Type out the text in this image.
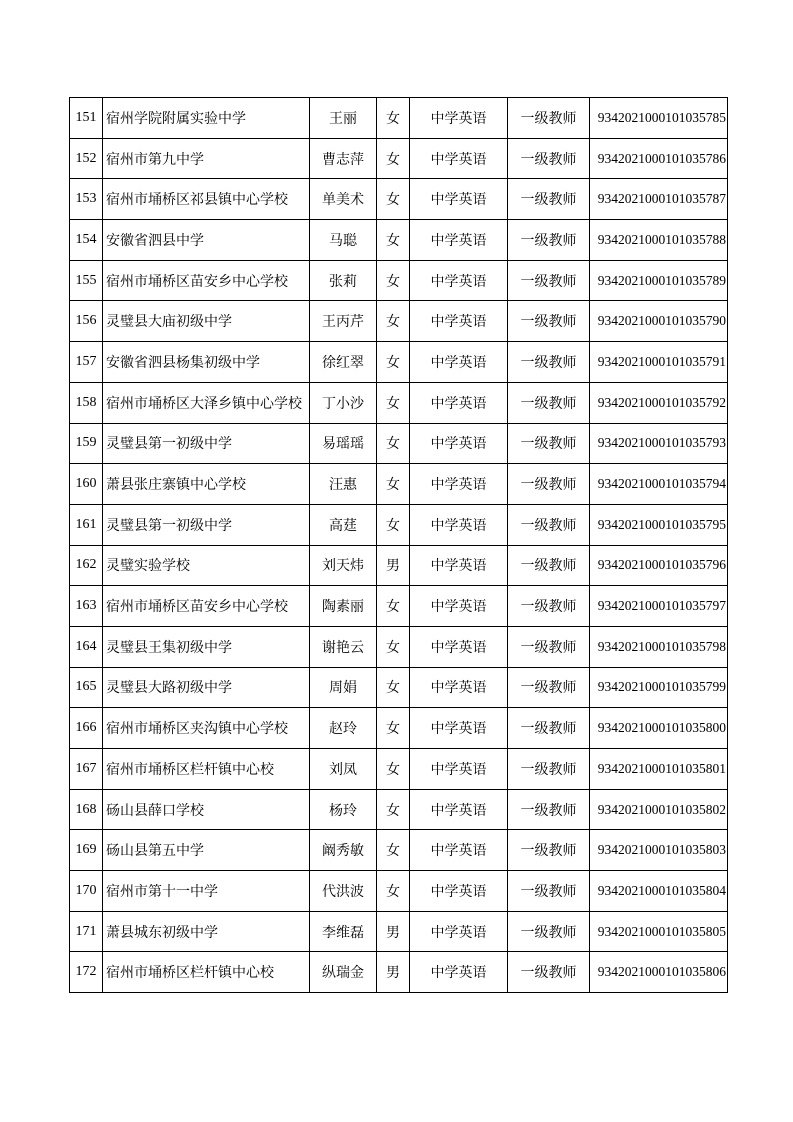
151	宿州学院附属实验中学	王丽	女	中学英语	一级教师	9342021000101035785
152	宿州市第九中学	曹志萍	女	中学英语	一级教师	9342021000101035786
153	宿州市埇桥区祁县镇中心学校	单美术	女	中学英语	一级教师	9342021000101035787
154	安徽省泗县中学	马聪	女	中学英语	一级教师	9342021000101035788
155	宿州市埇桥区苗安乡中心学校	张莉	女	中学英语	一级教师	9342021000101035789
156	灵璧县大庙初级中学	王丙芹	女	中学英语	一级教师	9342021000101035790
157	安徽省泗县杨集初级中学	徐红翠	女	中学英语	一级教师	9342021000101035791
158	宿州市埇桥区大泽乡镇中心学校	丁小沙	女	中学英语	一级教师	9342021000101035792
159	灵璧县第一初级中学	易瑶瑶	女	中学英语	一级教师	9342021000101035793
160	萧县张庄寨镇中心学校	汪惠	女	中学英语	一级教师	9342021000101035794
161	灵璧县第一初级中学	高莛	女	中学英语	一级教师	9342021000101035795
162	灵璧实验学校	刘天炜	男	中学英语	一级教师	9342021000101035796
163	宿州市埇桥区苗安乡中心学校	陶素丽	女	中学英语	一级教师	9342021000101035797
164	灵璧县王集初级中学	谢艳云	女	中学英语	一级教师	9342021000101035798
165	灵璧县大路初级中学	周娟	女	中学英语	一级教师	9342021000101035799
166	宿州市埇桥区夹沟镇中心学校	赵玲	女	中学英语	一级教师	9342021000101035800
167	宿州市埇桥区栏杆镇中心校	刘凤	女	中学英语	一级教师	9342021000101035801
168	砀山县薛口学校	杨玲	女	中学英语	一级教师	9342021000101035802
169	砀山县第五中学	阚秀敏	女	中学英语	一级教师	9342021000101035803
170	宿州市第十一中学	代洪波	女	中学英语	一级教师	9342021000101035804
171	萧县城东初级中学	李维磊	男	中学英语	一级教师	9342021000101035805
172	宿州市埇桥区栏杆镇中心校	纵瑞金	男	中学英语	一级教师	9342021000101035806
